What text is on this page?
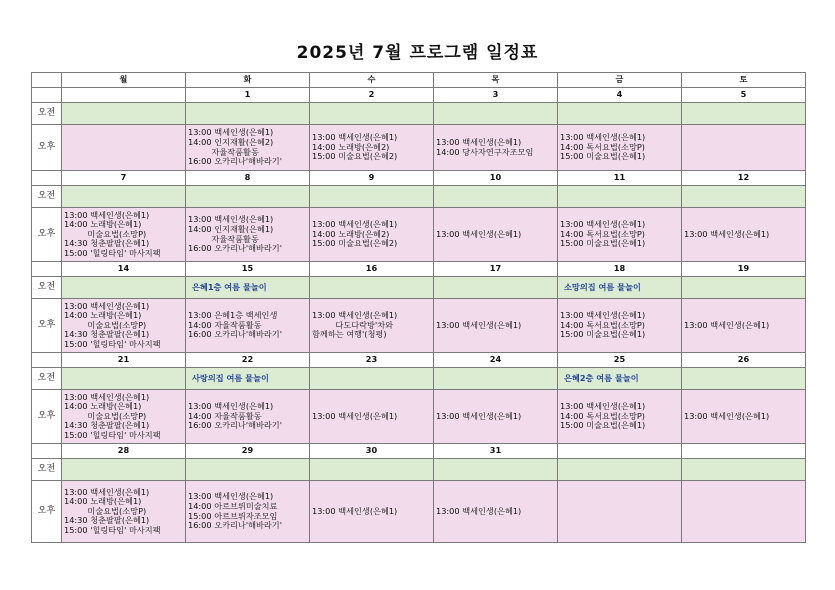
2025년 7월 프로그램 일정표
	월	화	수	목	금	토
		1	2	3	4	5
오전						
오후		13:00 백세인생(은혜1)
14:00 인지재활(은혜2)
자율작품활동
16:00 오카리나'해바라기'	13:00 백세인생(은혜1)
14:00 노래방(은혜2)
15:00 미술요법(은혜2)	13:00 백세인생(은혜1)
14:00 당사자연구자조모임	13:00 백세인생(은혜1)
14:00 독서요법(소망P)
15:00 미술요법(은혜1)	

	7	8	9	10	11	12
오전						
오후	13:00 백세인생(은혜1)
14:00 노래방(은혜1)
미술요법(소망P)
14:30 청춘팔팔(은혜1)
15:00 '힐링타임' 마사지팩	13:00 백세인생(은혜1)
14:00 인지재활(은혜1)
자율작품활동
16:00 오카리나'해바라기'	13:00 백세인생(은혜1)
14:00 노래방(은혜2)
15:00 미술요법(은혜2)	13:00 백세인생(은혜1)	13:00 백세인생(은혜1)
14:00 독서요법(소망P)
15:00 미술요법(은혜1)	13:00 백세인생(은혜1)

	14	15	16	17	18	19
오전		은혜1층 여름 물놀이			소망의집 여름 물놀이	
오후	13:00 백세인생(은혜1)
14:00 노래방(은혜1)
미술요법(소망P)
14:30 청춘팔팔(은혜1)
15:00 '힐링타임' 마사지팩	13:00 은혜1층 백세인생
14:00 자율작품활동
16:00 오카리나'해바라기'	13:00 백세인생(은혜1)
다도다락방'차와
함께하는 여행'(청평)	13:00 백세인생(은혜1)	13:00 백세인생(은혜1)
14:00 독서요법(소망P)
15:00 미술요법(은혜1)	13:00 백세인생(은혜1)

	21	22	23	24	25	26
오전		사랑의집 여름 물놀이			은혜2층 여름 물놀이	
오후	13:00 백세인생(은혜1)
14:00 노래방(은혜1)
미술요법(소망P)
14:30 청춘팔팔(은혜1)
15:00 '힐링타임' 마사지팩	13:00 백세인생(은혜1)
14:00 자율작품활동
16:00 오카리나'해바라기'	13:00 백세인생(은혜1)	13:00 백세인생(은혜1)	13:00 백세인생(은혜1)
14:00 독서요법(소망P)
15:00 미술요법(은혜1)	13:00 백세인생(은혜1)

	28	29	30	31		
오전						
오후	13:00 백세인생(은혜1)
14:00 노래방(은혜1)
미술요법(소망P)
14:30 청춘팔팔(은혜1)
15:00 '힐링타임' 마사지팩	13:00 백세인생(은혜1)
14:00 아르브뤼미술치료
15:00 아르브뤼자조모임
16:00 오카리나'해바라기'	13:00 백세인생(은혜1)	13:00 백세인생(은혜1)		
